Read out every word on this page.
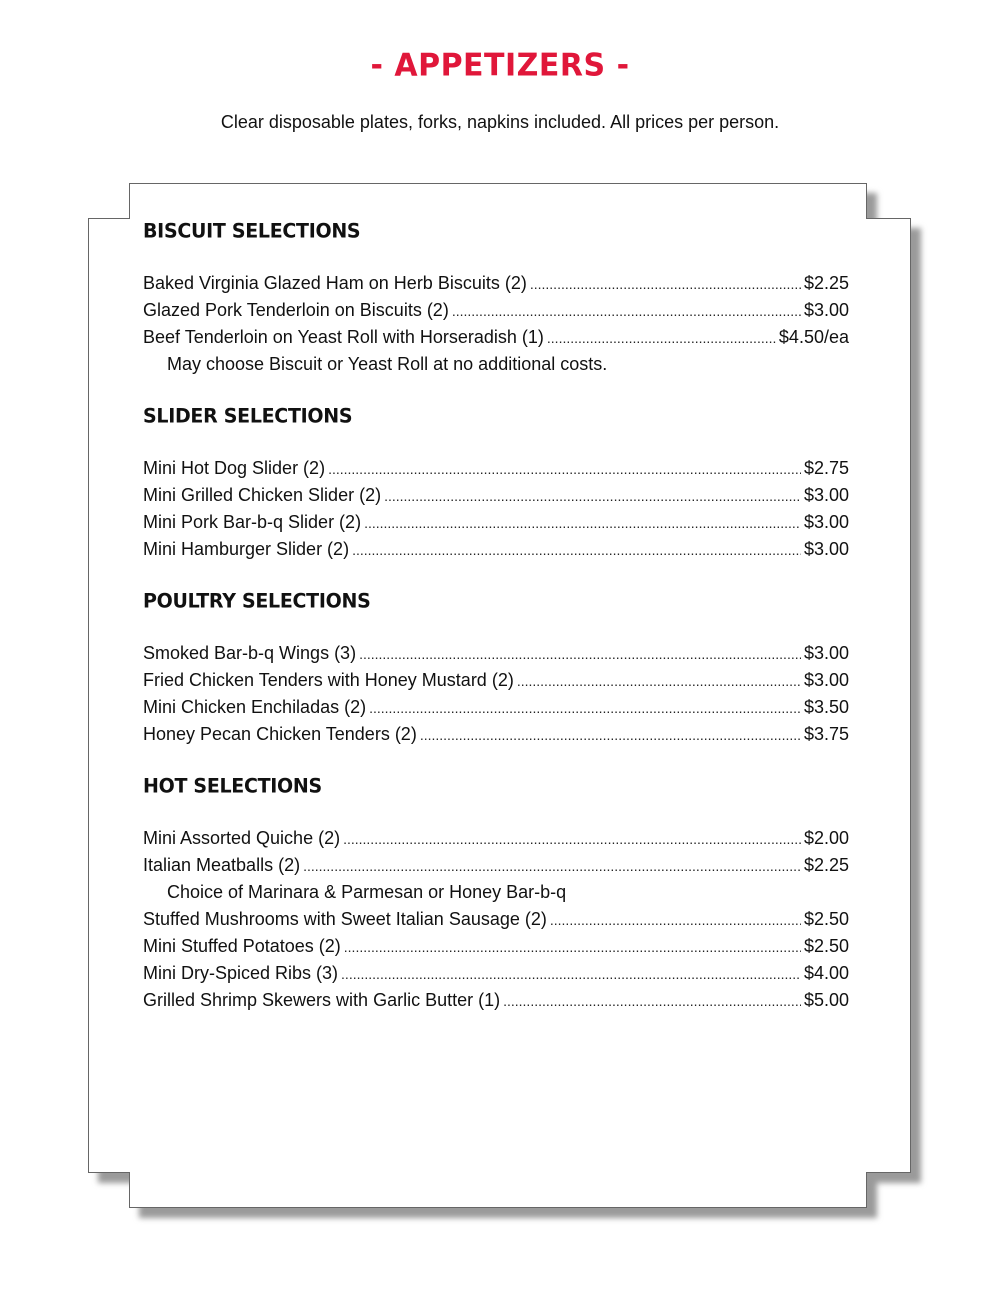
- APPETIZERS -

Clear disposable plates, forks, napkins included. All prices per person.

BISCUIT SELECTIONS
Baked Virginia Glazed Ham on Herb Biscuits (2) .....	$2.25
Glazed Pork Tenderloin on Biscuits (2) .....	$3.00
Beef Tenderloin on Yeast Roll with Horseradish (1) .....	$4.50/ea
May choose Biscuit or Yeast Roll at no additional costs.
SLIDER SELECTIONS
Mini Hot Dog Slider (2) .....	$2.75
Mini Grilled Chicken Slider (2) .....	$3.00
Mini Pork Bar-b-q Slider (2) .....	$3.00
Mini Hamburger Slider (2) .....	$3.00
POULTRY SELECTIONS
Smoked Bar-b-q Wings (3) .....	$3.00
Fried Chicken Tenders with Honey Mustard (2) .....	$3.00
Mini Chicken Enchiladas (2) .....	$3.50
Honey Pecan Chicken Tenders (2) .....	$3.75
HOT SELECTIONS
Mini Assorted Quiche (2) .....	$2.00
Italian Meatballs (2) .....	$2.25
Choice of Marinara & Parmesan or Honey Bar-b-q
Stuffed Mushrooms with Sweet Italian Sausage (2) .....	$2.50
Mini Stuffed Potatoes (2) .....	$2.50
Mini Dry-Spiced Ribs (3) .....	$4.00
Grilled Shrimp Skewers with Garlic Butter (1) .....	$5.00
